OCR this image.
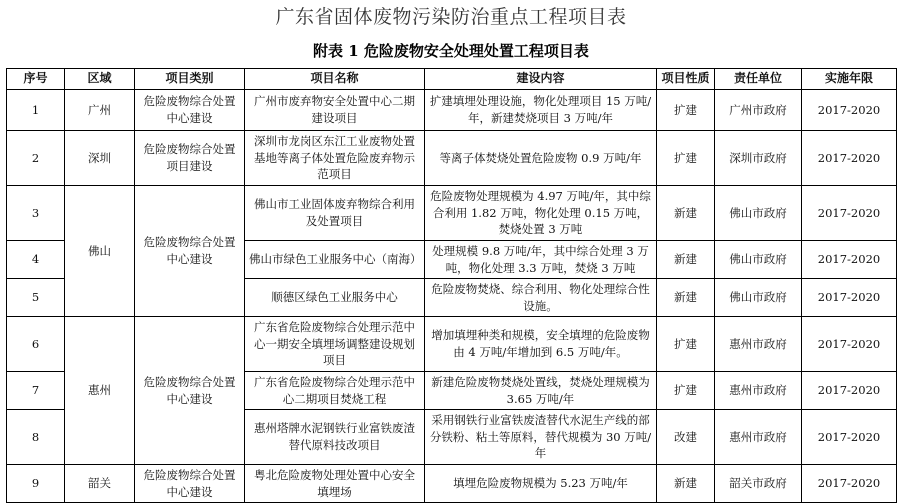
广东省固体废物污染防治重点工程项目表
附表 1 危险废物安全处理处置工程项目表
序号	区域	项目类别	项目名称	建设内容	项目性质	责任单位	实施年限
1	广州	危险废物综合处置中心建设	广州市废弃物安全处置中心二期建设项目	扩建填埋处理设施，物化处理项目 15 万吨/年，新建焚烧项目 3 万吨/年	扩建	广州市政府	2017-2020
2	深圳	危险废物综合处置项目建设	深圳市龙岗区东江工业废物处置基地等离子体处置危险废弃物示范项目	等离子体焚烧处置危险废物 0.9 万吨/年	扩建	深圳市政府	2017-2020
3	佛山	危险废物综合处置中心建设	佛山市工业固体废弃物综合利用及处置项目	危险废物处理规模为 4.97 万吨/年，其中综合利用 1.82 万吨，物化处理 0.15 万吨，焚烧处置 3 万吨	新建	佛山市政府	2017-2020
4			佛山市绿色工业服务中心（南海）	处理规模 9.8 万吨/年，其中综合处理 3 万吨，物化处理 3.3 万吨，焚烧 3 万吨	新建	佛山市政府	2017-2020
5			顺德区绿色工业服务中心	危险废物焚烧、综合利用、物化处理综合性设施。	新建	佛山市政府	2017-2020
6	惠州	危险废物综合处置中心建设	广东省危险废物综合处理示范中心一期安全填埋场调整建设规划项目	增加填埋种类和规模，安全填埋的危险废物由 4 万吨/年增加到 6.5 万吨/年。	扩建	惠州市政府	2017-2020
7			广东省危险废物综合处理示范中心二期项目焚烧工程	新建危险废物焚烧处置线，焚烧处理规模为 3.65 万吨/年	扩建	惠州市政府	2017-2020
8			惠州塔牌水泥钢铁行业富铁废渣替代原料技改项目	采用钢铁行业富铁废渣替代水泥生产线的部分铁粉、粘土等原料，替代规模为 30 万吨/年	改建	惠州市政府	2017-2020
9	韶关	危险废物综合处置中心建设	粤北危险废物处理处置中心安全填埋场	填埋危险废物规模为 5.23 万吨/年	新建	韶关市政府	2017-2020
